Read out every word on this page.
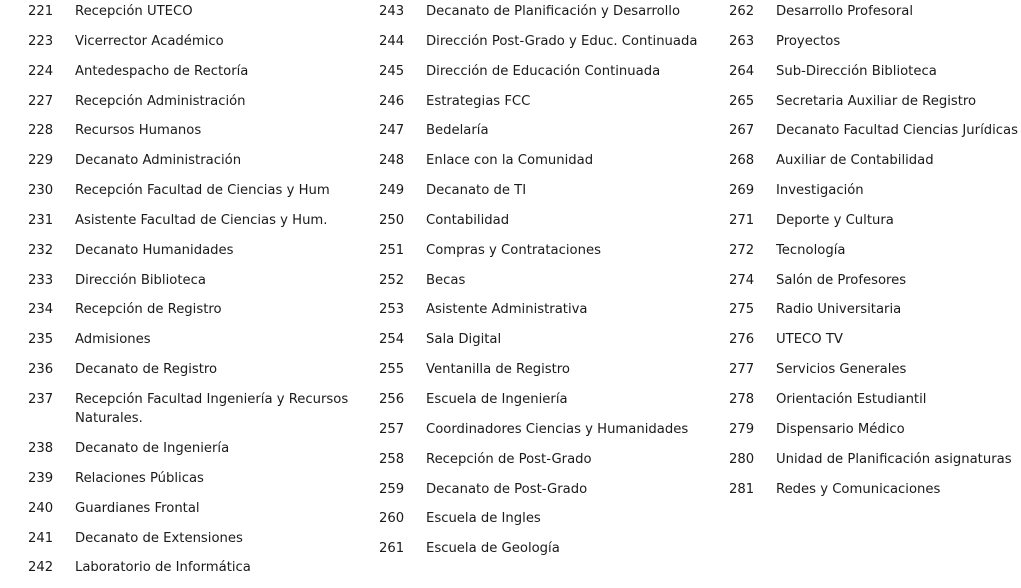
221	Recepción UTECO
223	Vicerrector Académico
224	Antedespacho de Rectoría
227	Recepción Administración
228	Recursos Humanos
229	Decanato Administración
230	Recepción Facultad de Ciencias y Hum
231	Asistente Facultad de Ciencias y Hum.
232	Decanato Humanidades
233	Dirección Biblioteca
234	Recepción de Registro
235	Admisiones
236	Decanato de Registro
237	Recepción Facultad Ingeniería y Recursos Naturales.
238	Decanato de Ingeniería
239	Relaciones Públicas
240	Guardianes Frontal
241	Decanato de Extensiones
242	Laboratorio de Informática
243	Decanato de Planificación y Desarrollo
244	Dirección Post-Grado y Educ. Continuada
245	Dirección de Educación Continuada
246	Estrategias FCC
247	Bedelaría
248	Enlace con la Comunidad
249	Decanato de TI
250	Contabilidad
251	Compras y Contrataciones
252	Becas
253	Asistente Administrativa
254	Sala Digital
255	Ventanilla de Registro
256	Escuela de Ingeniería
257	Coordinadores Ciencias y Humanidades
258	Recepción de Post-Grado
259	Decanato de Post-Grado
260	Escuela de Ingles
261	Escuela de Geología
262	Desarrollo Profesoral
263	Proyectos
264	Sub-Dirección Biblioteca
265	Secretaria Auxiliar de Registro
267	Decanato Facultad Ciencias Jurídicas
268	Auxiliar de Contabilidad
269	Investigación
271	Deporte y Cultura
272	Tecnología
274	Salón de Profesores
275	Radio Universitaria
276	UTECO TV
277	Servicios Generales
278	Orientación Estudiantil
279	Dispensario Médico
280	Unidad de Planificación asignaturas
281	Redes y Comunicaciones
